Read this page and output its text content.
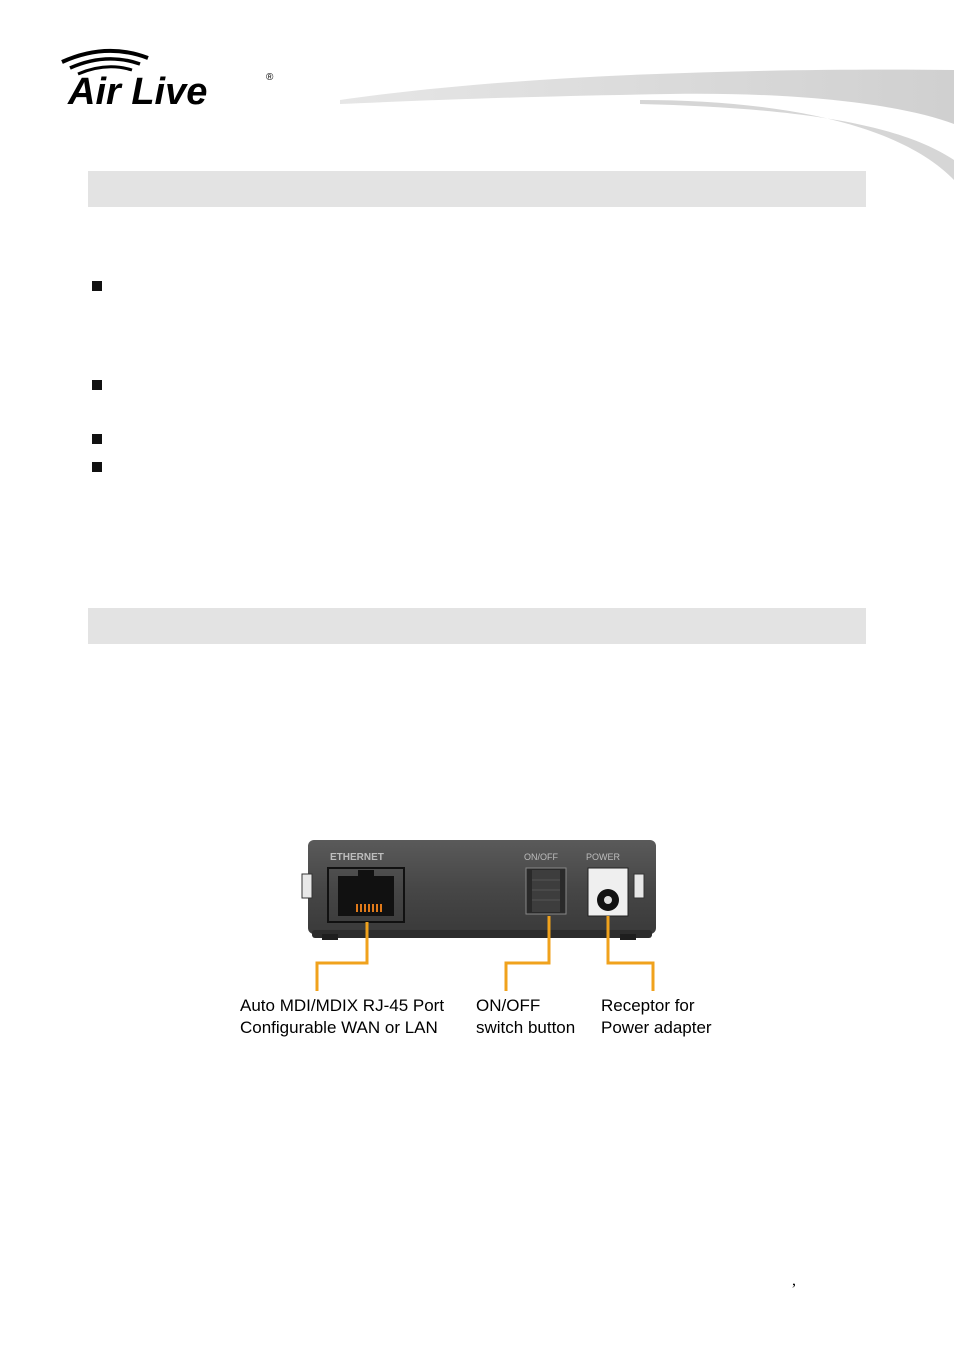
Air Live	®
ETHERNET	ON/OFF	POWER
Auto MDI/MDIX RJ-45 Port
Configurable WAN or LAN
ON/OFF
switch button
Receptor for
Power adapter
,
